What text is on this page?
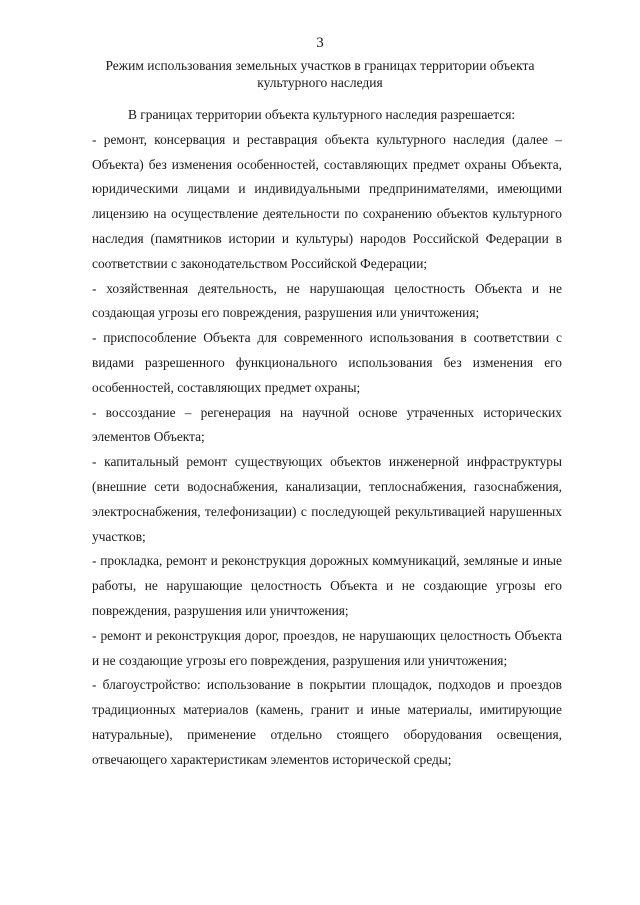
3
Режим использования земельных участков в границах территории объекта культурного наследия

В границах территории объекта культурного наследия разрешается:

- ремонт, консервация и реставрация объекта культурного наследия (далее – Объекта) без изменения особенностей, составляющих предмет охраны Объекта, юридическими лицами и индивидуальными предпринимателями, имеющими лицензию на осуществление деятельности по сохранению объектов культурного наследия (памятников истории и культуры) народов Российской Федерации в соответствии с законодательством Российской Федерации;

- хозяйственная деятельность, не нарушающая целостность Объекта и не создающая угрозы его повреждения, разрушения или уничтожения;

- приспособление Объекта для современного использования в соответствии с видами разрешенного функционального использования без изменения его особенностей, составляющих предмет охраны;

- воссоздание – регенерация на научной основе утраченных исторических элементов Объекта;

- капитальный ремонт существующих объектов инженерной инфраструктуры (внешние сети водоснабжения, канализации, теплоснабжения, газоснабжения, электроснабжения, телефонизации) с последующей рекультивацией нарушенных участков;

- прокладка, ремонт и реконструкция дорожных коммуникаций, земляные и иные работы, не нарушающие целостность Объекта и не создающие угрозы его повреждения, разрушения или уничтожения;

- ремонт и реконструкция дорог, проездов, не нарушающих целостность Объекта и не создающие угрозы его повреждения, разрушения или уничтожения;

- благоустройство: использование в покрытии площадок, подходов и проездов традиционных материалов (камень, гранит и иные материалы, имитирующие натуральные), применение отдельно стоящего оборудования освещения, отвечающего характеристикам элементов исторической среды;
